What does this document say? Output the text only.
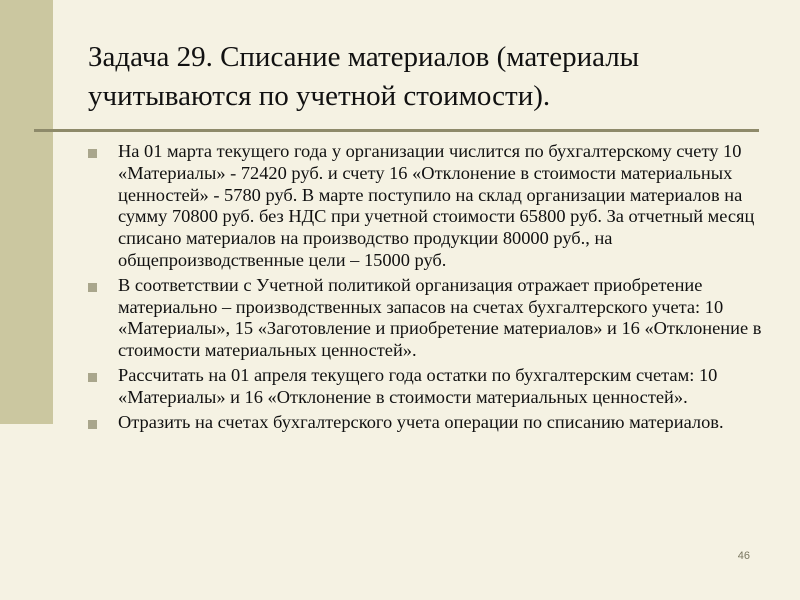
Задача 29. Списание материалов (материалы учитываются по учетной стоимости).
На 01 марта текущего года у организации числится по бухгалтерскому счету 10 «Материалы» - 72420 руб. и счету 16 «Отклонение в стоимости материальных ценностей» - 5780 руб. В марте поступило на склад организации материалов на сумму 70800 руб. без НДС при учетной стоимости 65800 руб. За отчетный месяц списано материалов на производство продукции 80000 руб., на общепроизводственные цели – 15000 руб.
В соответствии с Учетной политикой организация отражает приобретение материально – производственных запасов на счетах бухгалтерского учета: 10 «Материалы», 15 «Заготовление и приобретение материалов» и 16 «Отклонение в стоимости материальных ценностей».
Рассчитать на 01 апреля текущего года остатки по бухгалтерским счетам: 10 «Материалы» и 16 «Отклонение в стоимости материальных ценностей».
Отразить на счетах бухгалтерского учета операции по списанию материалов.
46
